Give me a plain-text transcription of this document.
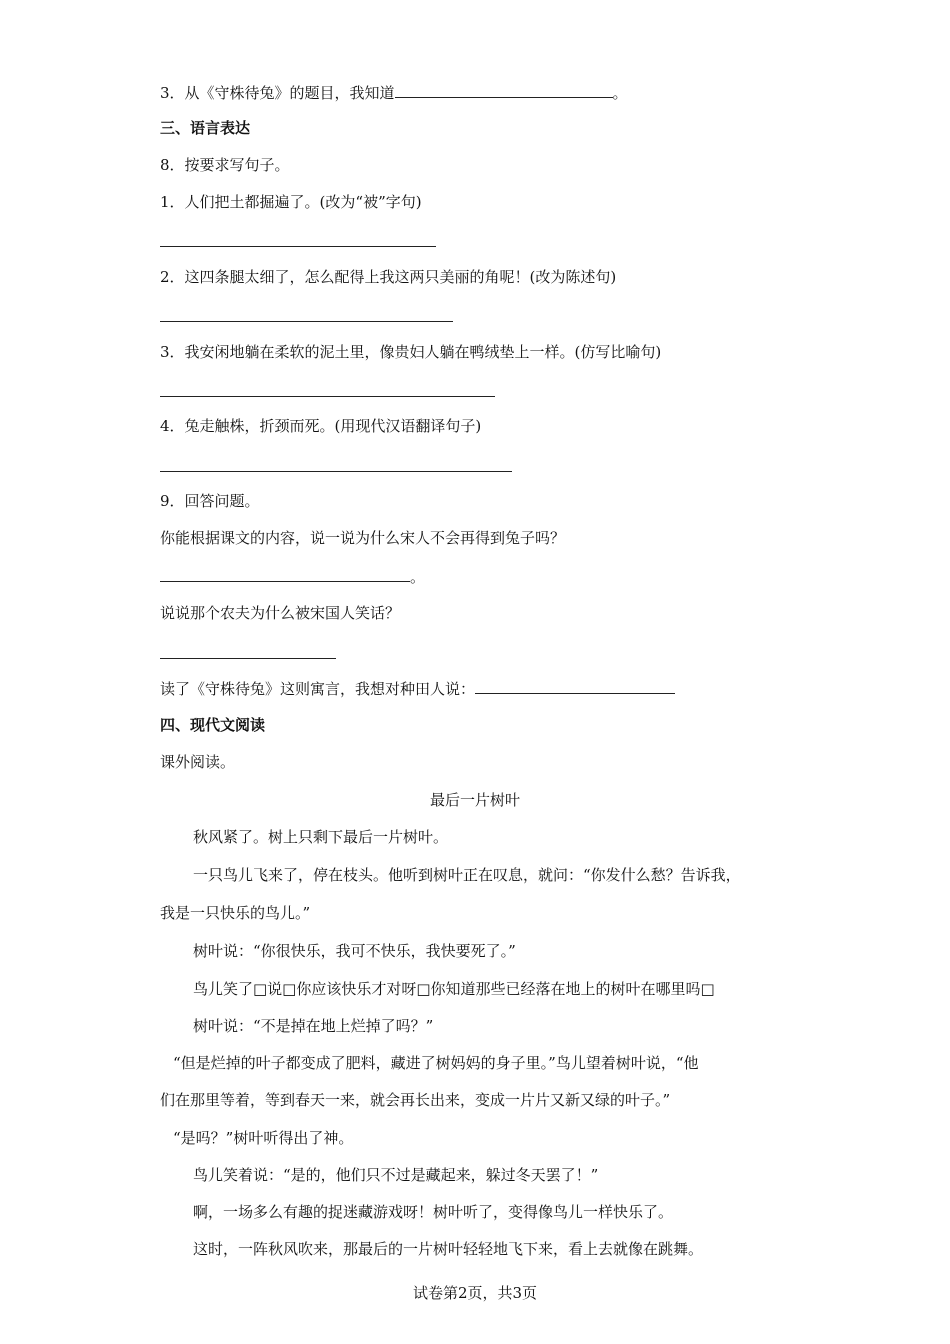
3．从《守株待兔》的题目，我知道	。
三、语言表达
8．按要求写句子。
1．人们把土都掘遍了。(改为“被”字句)
2．这四条腿太细了，怎么配得上我这两只美丽的角呢！(改为陈述句)
3．我安闲地躺在柔软的泥土里，像贵妇人躺在鸭绒垫上一样。(仿写比喻句)
4．兔走触株，折颈而死。(用现代汉语翻译句子)
9．回答问题。
你能根据课文的内容，说一说为什么宋人不会再得到兔子吗？
。
说说那个农夫为什么被宋国人笑话？
读了《守株待兔》这则寓言，我想对种田人说：
四、现代文阅读
课外阅读。
最后一片树叶
秋风紧了。树上只剩下最后一片树叶。
一只鸟儿飞来了，停在枝头。他听到树叶正在叹息，就问：“你发什么愁？告诉我，
我是一只快乐的鸟儿。”
树叶说：“你很快乐，我可不快乐，我快要死了。”
鸟儿笑了□说□你应该快乐才对呀□你知道那些已经落在地上的树叶在哪里吗□
树叶说：“不是掉在地上烂掉了吗？”
“但是烂掉的叶子都变成了肥料，藏进了树妈妈的身子里。”鸟儿望着树叶说，“他
们在那里等着，等到春天一来，就会再长出来，变成一片片又新又绿的叶子。”
“是吗？”树叶听得出了神。
鸟儿笑着说：“是的，他们只不过是藏起来，躲过冬天罢了！”
啊，一场多么有趣的捉迷藏游戏呀！树叶听了，变得像鸟儿一样快乐了。
这时，一阵秋风吹来，那最后的一片树叶轻轻地飞下来，看上去就像在跳舞。
试卷第2页，共3页
